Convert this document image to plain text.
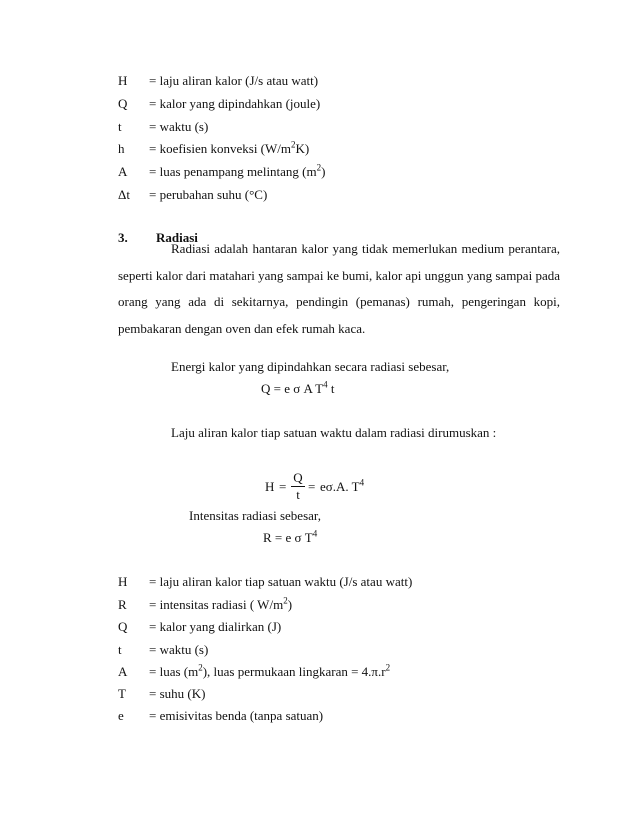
H = laju aliran kalor (J/s atau watt)
Q = kalor yang dipindahkan (joule)
t = waktu (s)
h = koefisien konveksi $(W/m^2K)$
A = luas penampang melintang $(m^2)$
Δt = perubahan suhu (°C)
3. Radiasi

Radiasi adalah hantaran kalor yang tidak memerlukan medium perantara, seperti kalor dari matahari yang sampai ke bumi, kalor api unggun yang sampai pada orang yang ada di sekitarnya, pendingin (pemanas) rumah, pengeringan kopi, pembakaran dengan oven dan efek rumah kaca.

Energi kalor yang dipindahkan secara radiasi sebesar,
Q = e σ A $T^4$ t
Laju aliran kalor tiap satuan waktu dalam radiasi dirumuskan :
H =
Q
t
= eσ.A. $T^4$
Intensitas radiasi sebesar,
R = e σ $T^4$
H = laju aliran kalor tiap satuan waktu (J/s atau watt)
R = intensitas radiasi ( $W/m^2$)
Q = kalor yang dialirkan (J)
t = waktu (s)
A = luas $(m^2)$, luas permukaan lingkaran = $4.\pi.r^2$
T = suhu (K)
e = emisivitas benda (tanpa satuan)
